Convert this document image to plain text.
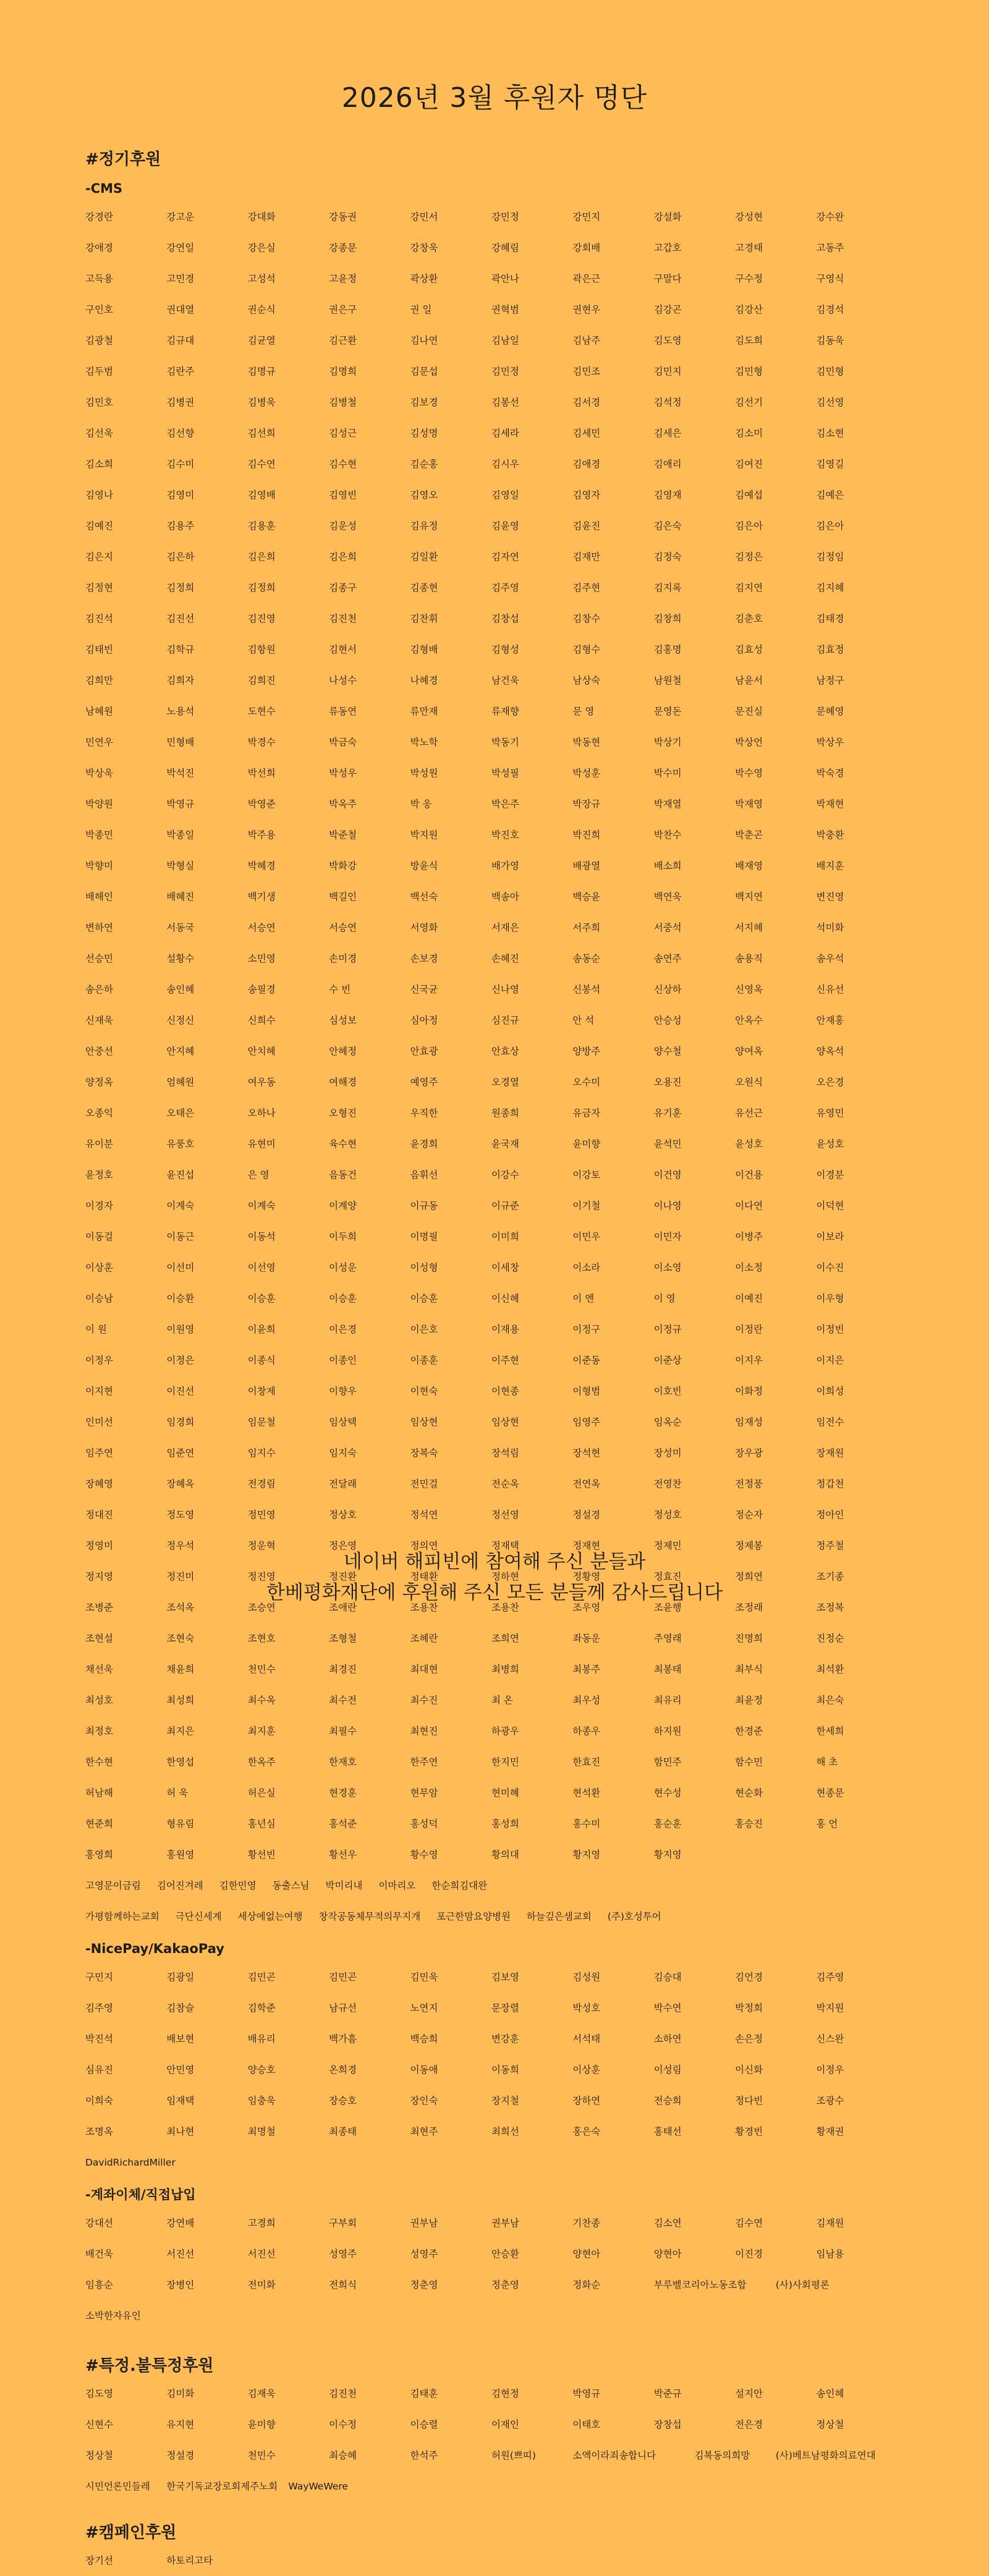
2026년 3월 후원자 명단
#정기후원
-CMS
강경란	강고운	강대화	강동권	강민서	강민정	강민지	강설화	강성현	강수완
강애경	강연일	강은실	강종문	강창욱	강혜림	강회배	고갑호	고경태	고동주
고득용	고민경	고성석	고윤정	곽상환	곽안나	곽은근	구말다	구수정	구영식
구인호	권대열	권순식	권은구	권 일	권혁범	권현우	김강곤	김강산	김경석
김광철	김규대	김균열	김근환	김나연	김남일	김남주	김도영	김도희	김동욱
김두범	김란주	김명규	김명희	김문섭	김민정	김민조	김민지	김민형	김민형
김민호	김병권	김병욱	김병철	김보경	김봉선	김서경	김석정	김선기	김선영
김선욱	김선향	김선희	김성근	김성명	김세라	김세민	김세은	김소미	김소현
김소희	김수미	김수연	김수현	김순홍	김시우	김애경	김애리	김여진	김영길
김영나	김영미	김영배	김영빈	김영오	김영일	김영자	김영재	김예섭	김예은
김예진	김용주	김용훈	김운성	김유정	김윤영	김윤진	김은숙	김은아	김은아
김은지	김은하	김은희	김은희	김일환	김자연	김재만	김정숙	김정은	김정임
김정현	김정희	김정희	김종구	김종현	김주영	김주현	김지록	김지연	김지혜
김진석	김진선	김진영	김진천	김찬휘	김창섭	김창수	김창희	김춘호	김태경
김태빈	김학규	김항원	김현서	김형배	김형성	김형수	김홍명	김효성	김효정
김희만	김희자	김희진	나성수	나혜경	남건욱	남상숙	남원철	남윤서	남정구
남혜원	노용석	도현수	류동연	류만재	류재향	문 영	문영돈	문진실	문혜영
민연우	민형배	박경수	박금숙	박노학	박동기	박동현	박상기	박상언	박상우
박상욱	박석진	박선희	박성우	박성원	박성필	박성훈	박수미	박수영	박숙경
박양원	박영규	박영준	박옥주	박 웅	박은주	박장규	박재열	박재영	박재현
박종민	박종일	박주용	박준철	박지원	박진호	박진희	박찬수	박춘곤	박충환
박향미	박형실	박혜경	박화강	방윤식	배가영	배광열	배소희	배재영	배지훈
배해인	배혜진	백기생	백길인	백선숙	백송아	백승윤	백연욱	백지연	변진영
변하연	서동국	서승연	서승연	서영화	서재은	서주희	서중석	서지혜	석미화
선승민	설황수	소민영	손미경	손보경	손혜진	송동순	송연주	송용직	송우석
송은하	송인혜	송필경	수 빈	신국균	신나영	신봉석	신상하	신영옥	신유선
신재욱	신정신	신희수	심성보	심아정	심진규	안 석	안승성	안옥수	안재홍
안중선	안지혜	안치혜	안혜정	안효광	안효상	양방주	양수철	양여옥	양옥석
양정옥	엄혜원	여우동	여해경	예영주	오경열	오수미	오용진	오원식	오은경
오종익	오태은	오하나	오형진	우직한	원종희	유금자	유기훈	유선근	유영민
유이분	유풍호	유현미	육수현	윤경희	윤국재	윤미향	윤석민	윤성호	윤성호
윤정호	윤진섭	은 영	음동건	음휘선	이강수	이강토	이건영	이건용	이경분
이경자	이계숙	이계숙	이계양	이규동	이규준	이기철	이나영	이다연	이덕현
이동걸	이동근	이동석	이두희	이명필	이미희	이민우	이민자	이병주	이보라
이상훈	이선미	이선영	이성운	이성형	이세창	이소라	이소영	이소정	이수진
이승남	이승환	이승훈	이승훈	이승훈	이신혜	이 엔	이 영	이예진	이우형
이 원	이원영	이윤희	이은경	이은호	이재용	이정구	이정규	이정란	이정빈
이정우	이정은	이종식	이종인	이종훈	이주현	이준동	이준상	이지우	이지은
이지현	이진선	이창제	이향우	이현숙	이현종	이형범	이호빈	이화정	이희성
인미선	임경희	임문철	임상택	임상현	임상현	임영주	임옥순	임재성	임전수
임주연	임준연	임지수	임지숙	장복숙	장석림	장석현	장성미	장우광	장재원
장혜영	장혜옥	전경림	전달래	전민걸	전순옥	전연옥	전영찬	전정풍	정갑천
정대진	정도영	정민영	정상호	정석연	정선영	정설경	정성호	정순자	정아인
정영미	정우석	정운혁	정은영	정의연	정재택	정재현	정제민	정제봉	정주철
정지영	정진미	정진영	정진환	정태환	정하현	정황영	정효진	정희연	조기종
조병준	조석옥	조승연	조애란	조용찬	조용찬	조우영	조윤행	조정래	조정복
조현설	조현숙	조현호	조형철	조혜란	조희연	좌동운	주영래	진명희	진정순
채선욱	채윤희	천민수	최경진	최대현	최병희	최봉주	최봉태	최부식	최석환
최성호	최성희	최수옥	최수전	최수진	최 온	최우성	최유리	최윤정	최은숙
최정호	최지은	최지훈	최필수	최현진	하광우	하종우	하지원	한경준	한세희
한수현	한영섭	한옥주	한재호	한주연	한지민	한효진	함민주	함수민	해 초
허남해	허 욱	허은실	현경훈	현무암	현미혜	현석환	현수성	현순화	현종문
현준희	형유림	홍년심	홍석준	홍성덕	홍성희	홍수미	홍순훈	홍승진	홍 언
홍영희	홍원영	황선빈	황선우	황수영	황의대	황지영	황지영
고영문이금림 김어진겨레 김한민영 동출스님 박미리내 이마리오 한순희김대완
가평함께하는교회 극단신세계 세상에없는여행 창작공동체무적의무지개 포근한맘요양병원 하늘깊은샘교회 (주)호성투어
-NicePay/KakaoPay
구민지	김광일	김민곤	김민곤	김민욱	김보영	김성원	김승대	김언경	김주영
김주영	김참슬	김학준	남규선	노연지	문장렬	박성호	박수연	박정희	박지원
박진석	배보현	배유리	백가흠	백승희	변강훈	서석태	소하연	손은정	신스완
심유진	안민영	양승호	온희경	이동애	이동희	이상훈	이성림	이신화	이정우
이희숙	임재택	임충욱	장승호	장인숙	장지철	장하연	전승희	정다빈	조광수
조명옥	최나현	최명철	최종태	최현주	최희선	홍은숙	홍태선	황경빈	황재권
DavidRichardMiller
-계좌이체/직접납입
강대선	강연배	고경희	구부회	권부남	권부남	기찬종	김소연	김수연	김재원
배건욱	서진선	서진선	성영주	성영주	안승환	양현아	양현아	이진경	임남용
임흥순	장병인	전미화	전희식	정춘영	정춘영	정화순	부루벨코리아노동조합	(사)사회평론
소박한자유인
#특정.불특정후원
김도영	김미화	김재욱	김진천	김태훈	김현정	박영규	박준규	설지안	송인혜
신현수	유지현	윤미향	이수정	이승렬	이재인	이태호	장창섭	전은경	정상철
정상철	정설경	천민수	최승혜	한석주	허원(쁘띠)	소액이라죄송합니다	김복동의희망	(사)베트남평화의료연대
시민언론민들레	한국기독교장로회제주노회	WayWeWere
#캠페인후원
장기선	하토리고타

네이버 해피빈에 참여해 주신 분들과

한베평화재단에 후원해 주신 모든 분들께 감사드립니다
